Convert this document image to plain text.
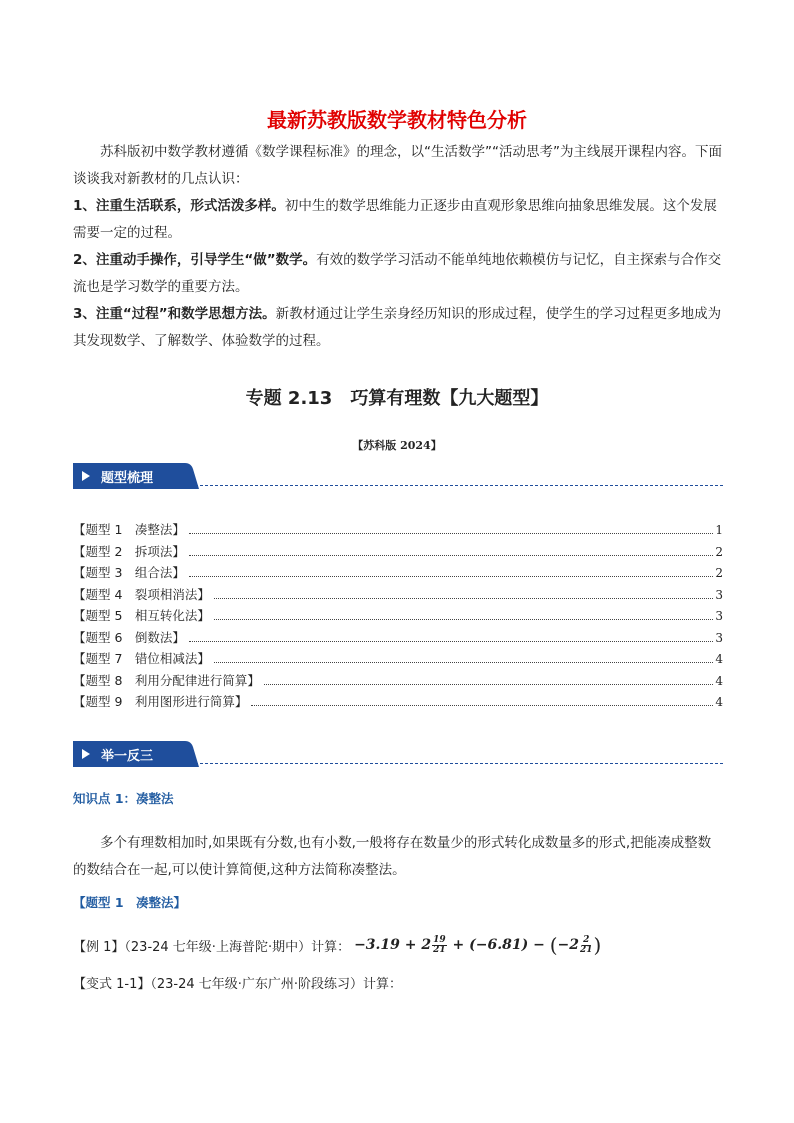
最新苏教版数学教材特色分析
苏科版初中数学教材遵循《数学课程标准》的理念，以“生活数学”“活动思考”为主线展开课程内容。下面谈谈我对新教材的几点认识：
1、注重生活联系，形式活泼多样。初中生的数学思维能力正逐步由直观形象思维向抽象思维发展。这个发展需要一定的过程。
2、注重动手操作，引导学生“做”数学。有效的数学学习活动不能单纯地依赖模仿与记忆，自主探索与合作交流也是学习数学的重要方法。
3、注重“过程”和数学思想方法。新教材通过让学生亲身经历知识的形成过程，使学生的学习过程更多地成为其发现数学、了解数学、体验数学的过程。
专题 2.13　巧算有理数【九大题型】
【苏科版 2024】
题型梳理
【题型 1　凑整法】	1
【题型 2　拆项法】	2
【题型 3　组合法】	2
【题型 4　裂项相消法】	3
【题型 5　相互转化法】	3
【题型 6　倒数法】	3
【题型 7　错位相减法】	4
【题型 8　利用分配律进行简算】	4
【题型 9　利用图形进行简算】	4
举一反三
知识点 1：凑整法
多个有理数相加时,如果既有分数,也有小数,一般将存在数量少的形式转化成数量多的形式,把能凑成整数的数结合在一起,可以使计算简便,这种方法简称凑整法。
【题型 1　凑整法】
【例 1】（23-24 七年级·上海普陀·期中）计算： $-3.19 + 2 \frac{19}{21} + (-6.81)$ − ( $-2 \frac{2}{21}$ )
【变式 1-1】（23-24 七年级·广东广州·阶段练习）计算：
